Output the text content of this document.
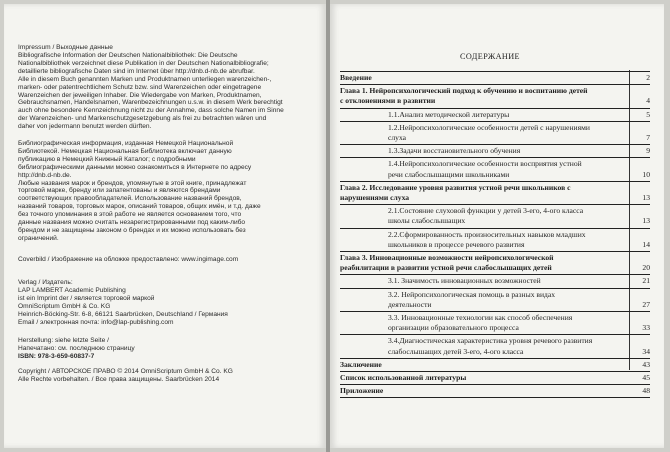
Impressum / Выходные данные
Bibliografische Information der Deutschen Nationalbibliothek: Die Deutsche
Nationalbibliothek verzeichnet diese Publikation in der Deutschen Nationalbibliografie;
detaillierte bibliografische Daten sind im Internet über http://dnb.d-nb.de abrufbar.
Alle in diesem Buch genannten Marken und Produktnamen unterliegen warenzeichen-,
marken- oder patentrechtlichem Schutz bzw. sind Warenzeichen oder eingetragene
Warenzeichen der jeweiligen Inhaber. Die Wiedergabe von Marken, Produktnamen,
Gebrauchsnamen, Handelsnamen, Warenbezeichnungen u.s.w. in diesem Werk berechtigt
auch ohne besondere Kennzeichnung nicht zu der Annahme, dass solche Namen im Sinne
der Warenzeichen- und Markenschutzgesetzgebung als frei zu betrachten wären und
daher von jedermann benutzt werden dürften.
Библиографическая информация, изданная Немецкой Национальной
Библиотекой. Немецкая Национальная Библиотека включает данную
публикацию в Немецкий Книжный Каталог; с подробными
библиографическими данными можно ознакомиться в Интернете по адресу
http://dnb.d-nb.de.
Любые названия марок и брендов, упомянутые в этой книге, принадлежат
торговой марке, бренду или запатентованы и являются брендами
соответствующих правообладателей. Использование названий брендов,
названий товаров, торговых марок, описаний товаров, общих имён, и т.д. даже
без точного упоминания в этой работе не является основанием того, что
данные названия можно считать незарегистрированными под каким-либо
брендом и не защищены законом о брендах и их можно использовать без
ограничений.
Coverbild / Изображение на обложке предоставлено: www.ingimage.com
Verlag / Издатель:
LAP LAMBERT Academic Publishing
ist ein Imprint der / является торговой маркой
OmniScriptum GmbH & Co. KG
Heinrich-Böcking-Str. 6-8, 66121 Saarbrücken, Deutschland / Германия
Email / электронная почта: info@lap-publishing.com
Herstellung: siehe letzte Seite /
Напечатано: см. последнюю страницу
ISBN: 978-3-659-60837-7
Copyright / АВТОРСКОЕ ПРАВО © 2014 OmniScriptum GmbH & Co. KG
Alle Rechte vorbehalten. / Все права защищены. Saarbrücken 2014
СОДЕРЖАНИЕ
Введение	2
Глава 1. Нейропсихологический подход к обучению и воспитанию детей
с отклонениями в развитии	4
1.1.Анализ методической литературы	5
1.2.Нейропсихологические особенности детей с нарушениями
слуха	7
1.3.Задачи восстановительного обучения	9
1.4.Нейропсихологические особенности восприятия устной
речи слабослышащими школьниками	10
Глава 2. Исследование уровня развития устной речи школьников с
нарушениями слуха	13
2.1.Состояние слуховой функции у детей 3-его, 4-ого класса
школы слабослышащих	13
2.2.Сформированность произносительных навыков младших
школьников в процессе речевого развития	14
Глава 3. Инновационные возможности нейропсихологической
реабилитации в развитии устной речи слабослышащих детей	20
3.1. Значимость инновационных возможностей	21
3.2. Нейропсихологическая помощь в разных видах
деятельности	27
3.3. Инновационные технологии как способ обеспечения
организации образовательного процесса	33
3.4.Диагностическая характеристика уровня речевого развития
слабослышащих детей 3-его, 4-ого класса	34
Заключение	43
Список использованной литературы	45
Приложение	48
